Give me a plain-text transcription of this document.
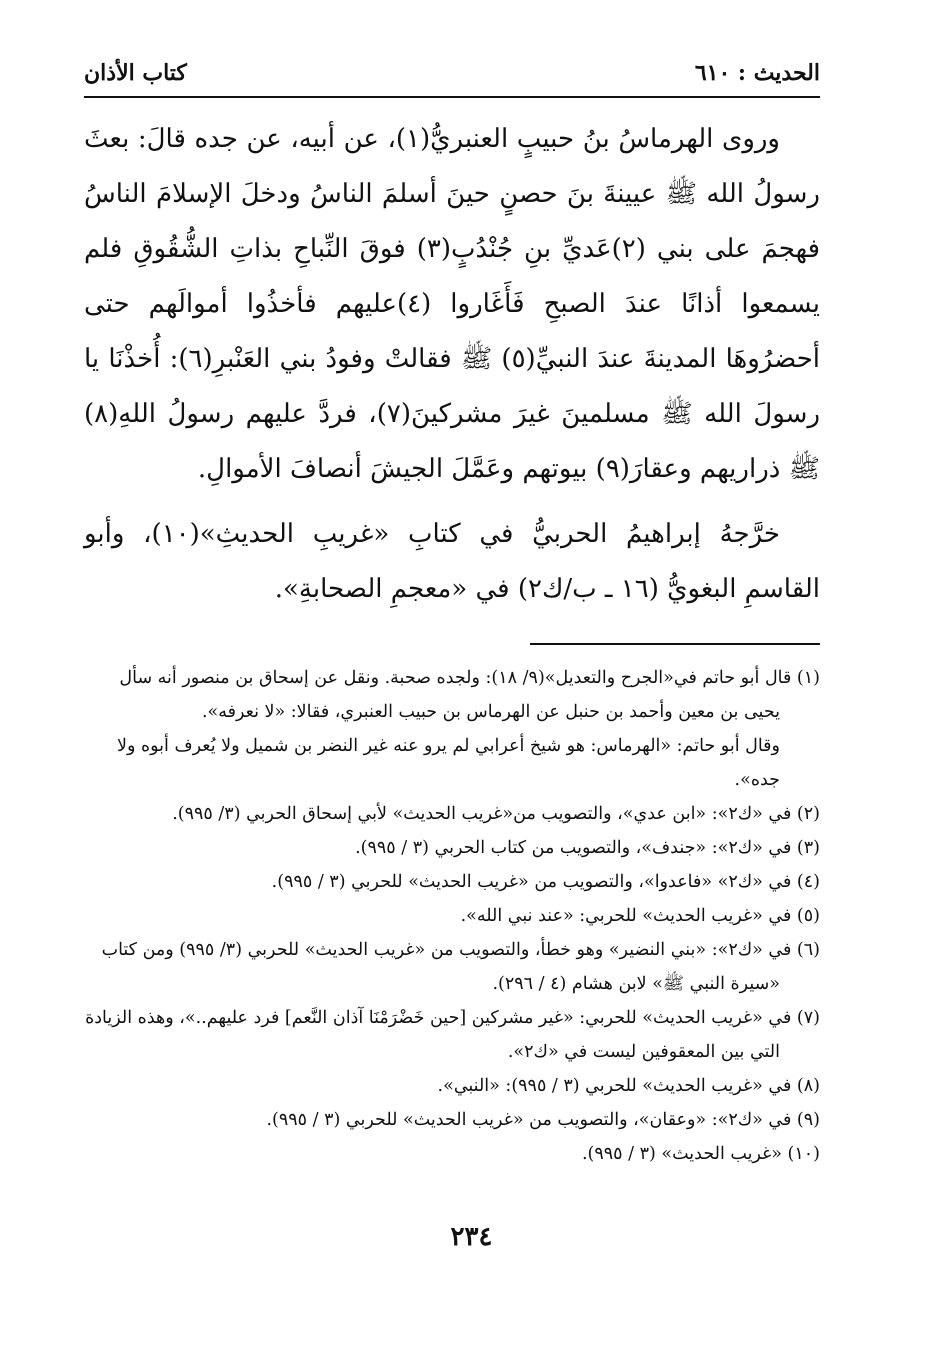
الحديث : ٦١٠
كتاب الأذان

وروى الهرماسُ بنُ حبيبٍ العنبريُّ(١)، عن أبيه، عن جده قالَ: بعثَ رسولُ الله ﷺ عيينةَ بنَ حصنٍ حينَ أسلمَ الناسُ ودخلَ الإسلامَ الناسُ فهجمَ على بني (٢)عَديِّ بنِ جُنْدُبٍ(٣) فوقَ النِّباحِ بذاتِ الشُّقُوقِ فلم يسمعوا أذانًا عندَ الصبحِ فَأَغَاروا (٤)عليهم فأخذُوا أموالَهم حتى أحضرُوهَا المدينةَ عندَ النبيِّ(٥) ﷺ فقالتْ وفودُ بني العَنْبرِ(٦): أُخذْنَا يا رسولَ الله ﷺ مسلمينَ غيرَ مشركينَ(٧)، فردَّ عليهم رسولُ اللهِ(٨) ﷺ ذراريهم وعقارَ(٩) بيوتهم وعَمَّلَ الجيشَ أنصافَ الأموالِ.

خرَّجهُ إبراهيمُ الحربيُّ في كتابِ «غريبِ الحديثِ»(١٠)، وأبو القاسمِ البغويُّ (١٦ ـ ب/ك٢) في «معجمِ الصحابةِ».

(١) قال أبو حاتم في«الجرح والتعديل»(٩/ ١٨): ولجده صحبة. ونقل عن إسحاق بن منصور أنه سأل يحيى بن معين وأحمد بن حنبل عن الهرماس بن حبيب العنبري، فقالا: «لا نعرفه».

وقال أبو حاتم: «الهرماس: هو شيخ أعرابي لم يرو عنه غير النضر بن شميل ولا يُعرف أبوه ولا جده».

(٢) في «ك٢»: «ابن عدي»، والتصويب من«غريب الحديث» لأبي إسحاق الحربي (٣/ ٩٩٥).

(٣) في «ك٢»: «جندف»، والتصويب من كتاب الحربي (٣ / ٩٩٥).

(٤) في «ك٢» «فاعدوا»، والتصويب من «غريب الحديث» للحربي (٣ / ٩٩٥).

(٥) في «غريب الحديث» للحربي: «عند نبي الله».

(٦) في «ك٢»: «بني النضير» وهو خطأ، والتصويب من «غريب الحديث» للحربي (٣/ ٩٩٥) ومن كتاب «سيرة النبي ﷺ» لابن هشام (٤ / ٢٩٦).

(٧) في «غريب الحديث» للحربي: «غير مشركين [حين خَضْرَمْنَا آذان النَّعم] فرد عليهم..»، وهذه الزيادة التي بين المعقوفين ليست في «ك٢».

(٨) في «غريب الحديث» للحربي (٣ / ٩٩٥): «النبي».

(٩) في «ك٢»: «وعقان»، والتصويب من «غريب الحديث» للحربي (٣ / ٩٩٥).

(١٠) «غريب الحديث» (٣ / ٩٩٥).

٢٣٤
